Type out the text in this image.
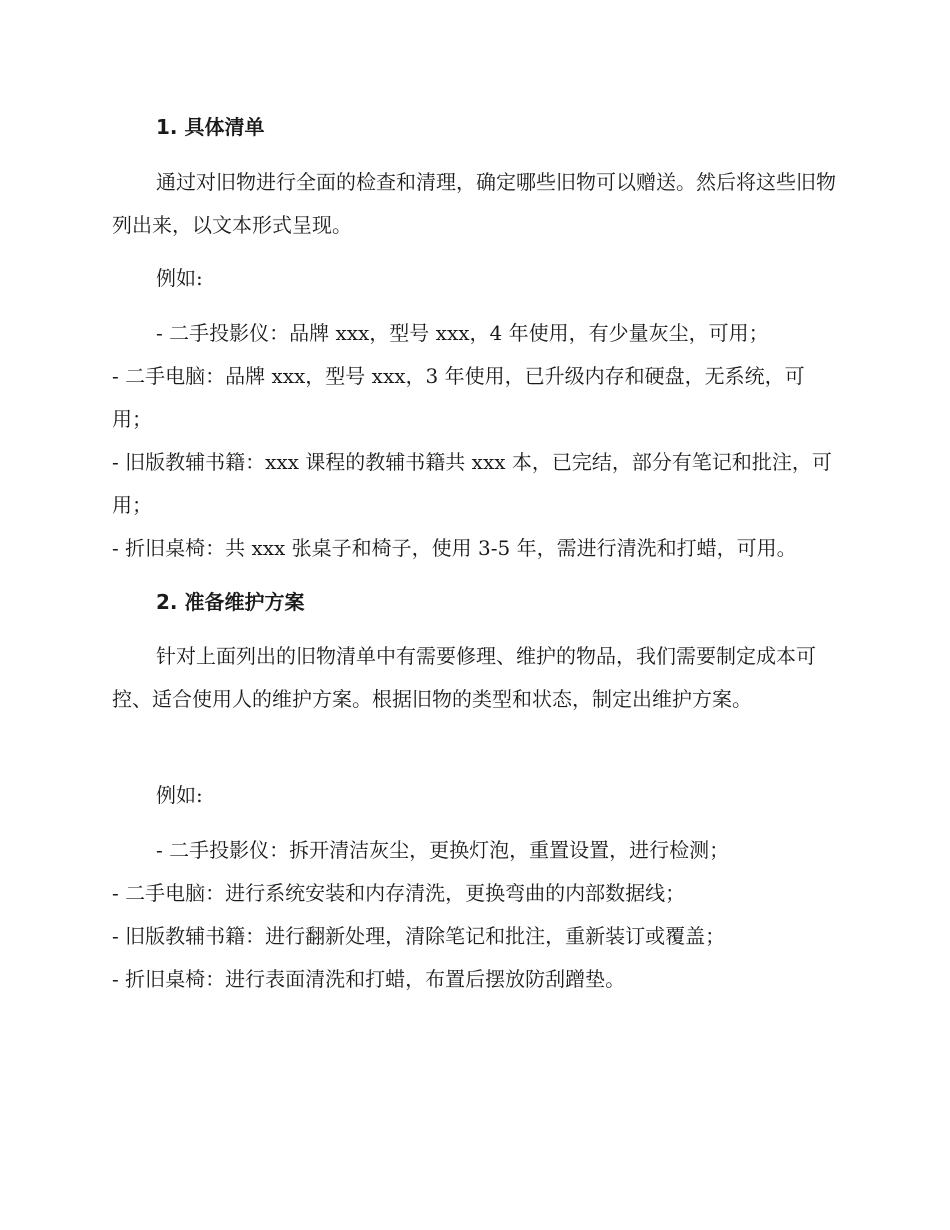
1. 具体清单

通过对旧物进行全面的检查和清理，确定哪些旧物可以赠送。然后将这些旧物列出来，以文本形式呈现。

例如:

- 二手投影仪：品牌 xxx，型号 xxx，4 年使用，有少量灰尘，可用；

- 二手电脑：品牌 xxx，型号 xxx，3 年使用，已升级内存和硬盘，无系统，可用；

- 旧版教辅书籍：xxx 课程的教辅书籍共 xxx 本，已完结，部分有笔记和批注，可用；

- 折旧桌椅：共 xxx 张桌子和椅子，使用 3-5 年，需进行清洗和打蜡，可用。

2. 准备维护方案

针对上面列出的旧物清单中有需要修理、维护的物品，我们需要制定成本可控、适合使用人的维护方案。根据旧物的类型和状态，制定出维护方案。

例如:

- 二手投影仪：拆开清洁灰尘，更换灯泡，重置设置，进行检测；

- 二手电脑：进行系统安装和内存清洗，更换弯曲的内部数据线；

- 旧版教辅书籍：进行翻新处理，清除笔记和批注，重新装订或覆盖；

- 折旧桌椅：进行表面清洗和打蜡，布置后摆放防刮蹭垫。
